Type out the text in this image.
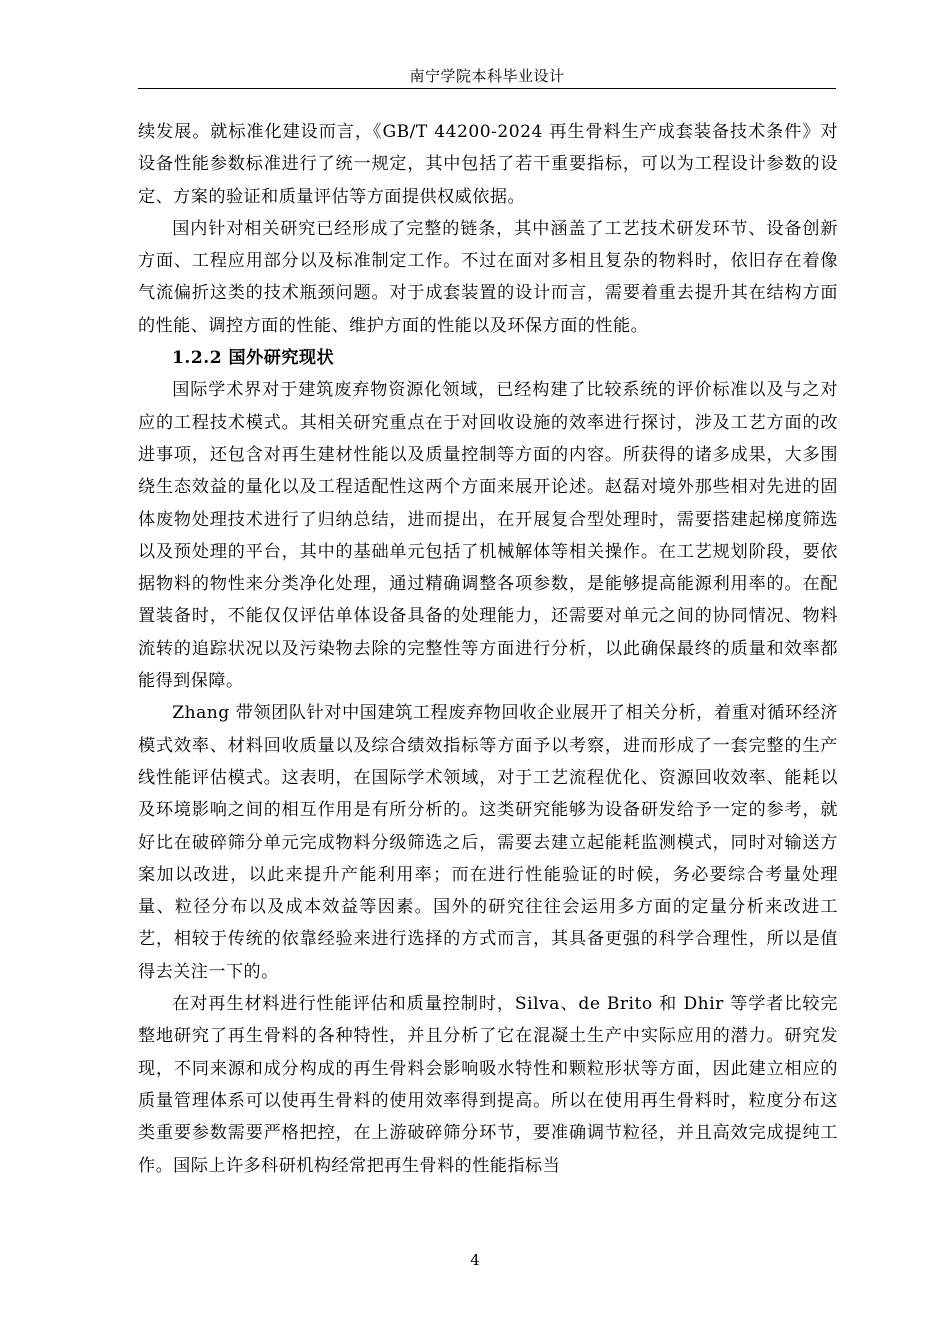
南宁学院本科毕业设计

续发展。就标准化建设而言，《GB/T 44200-2024 再生骨料生产成套装备技术条件》对设备性能参数标准进行了统一规定，其中包括了若干重要指标，可以为工程设计参数的设定、方案的验证和质量评估等方面提供权威依据。

国内针对相关研究已经形成了完整的链条，其中涵盖了工艺技术研发环节、设备创新方面、工程应用部分以及标准制定工作。不过在面对多相且复杂的物料时，依旧存在着像气流偏折这类的技术瓶颈问题。对于成套装置的设计而言，需要着重去提升其在结构方面的性能、调控方面的性能、维护方面的性能以及环保方面的性能。

1.2.2 国外研究现状

国际学术界对于建筑废弃物资源化领域，已经构建了比较系统的评价标准以及与之对应的工程技术模式。其相关研究重点在于对回收设施的效率进行探讨，涉及工艺方面的改进事项，还包含对再生建材性能以及质量控制等方面的内容。所获得的诸多成果，大多围绕生态效益的量化以及工程适配性这两个方面来展开论述。赵磊对境外那些相对先进的固体废物处理技术进行了归纳总结，进而提出，在开展复合型处理时，需要搭建起梯度筛选以及预处理的平台，其中的基础单元包括了机械解体等相关操作。在工艺规划阶段，要依据物料的物性来分类净化处理，通过精确调整各项参数，是能够提高能源利用率的。在配置装备时，不能仅仅评估单体设备具备的处理能力，还需要对单元之间的协同情况、物料流转的追踪状况以及污染物去除的完整性等方面进行分析，以此确保最终的质量和效率都能得到保障。

Zhang 带领团队针对中国建筑工程废弃物回收企业展开了相关分析，着重对循环经济模式效率、材料回收质量以及综合绩效指标等方面予以考察，进而形成了一套完整的生产线性能评估模式。这表明，在国际学术领域，对于工艺流程优化、资源回收效率、能耗以及环境影响之间的相互作用是有所分析的。这类研究能够为设备研发给予一定的参考，就好比在破碎筛分单元完成物料分级筛选之后，需要去建立起能耗监测模式，同时对输送方案加以改进，以此来提升产能利用率；而在进行性能验证的时候，务必要综合考量处理量、粒径分布以及成本效益等因素。国外的研究往往会运用多方面的定量分析来改进工艺，相较于传统的依靠经验来进行选择的方式而言，其具备更强的科学合理性，所以是值得去关注一下的。

在对再生材料进行性能评估和质量控制时，Silva、de Brito 和 Dhir 等学者比较完整地研究了再生骨料的各种特性，并且分析了它在混凝土生产中实际应用的潜力。研究发现，不同来源和成分构成的再生骨料会影响吸水特性和颗粒形状等方面，因此建立相应的质量管理体系可以使再生骨料的使用效率得到提高。所以在使用再生骨料时，粒度分布这类重要参数需要严格把控，在上游破碎筛分环节，要准确调节粒径，并且高效完成提纯工作。国际上许多科研机构经常把再生骨料的性能指标当

4
